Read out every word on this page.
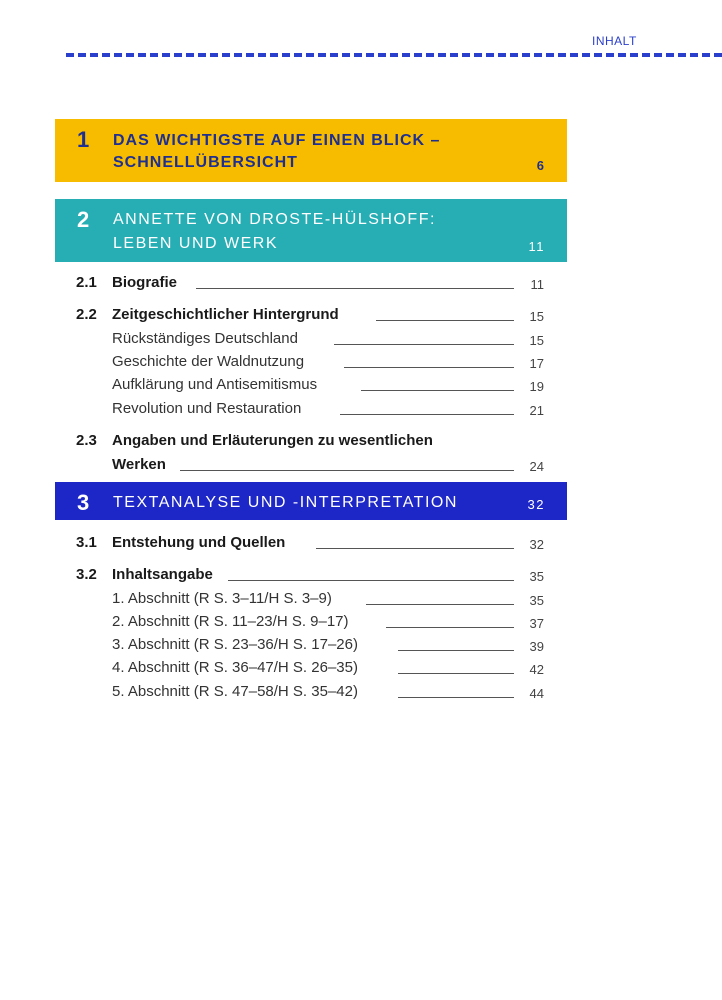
INHALT
1 DAS WICHTIGSTE AUF EINEN BLICK –
SCHNELLÜBERSICHT	6
2 ANNETTE VON DROSTE-HÜLSHOFF:
LEBEN UND WERK	11
2.1 Biografie	11
2.2 Zeitgeschichtlicher Hintergrund	15
Rückständiges Deutschland	15
Geschichte der Waldnutzung	17
Aufklärung und Antisemitismus	19
Revolution und Restauration	21
2.3 Angaben und Erläuterungen zu wesentlichen
Werken	24
3 TEXTANALYSE UND -INTERPRETATION	32
3.1 Entstehung und Quellen	32
3.2 Inhaltsangabe	35
1. Abschnitt (R S. 3–11/H S. 3–9)	35
2. Abschnitt (R S. 11–23/H S. 9–17)	37
3. Abschnitt (R S. 23–36/H S. 17–26)	39
4. Abschnitt (R S. 36–47/H S. 26–35)	42
5. Abschnitt (R S. 47–58/H S. 35–42)	44
